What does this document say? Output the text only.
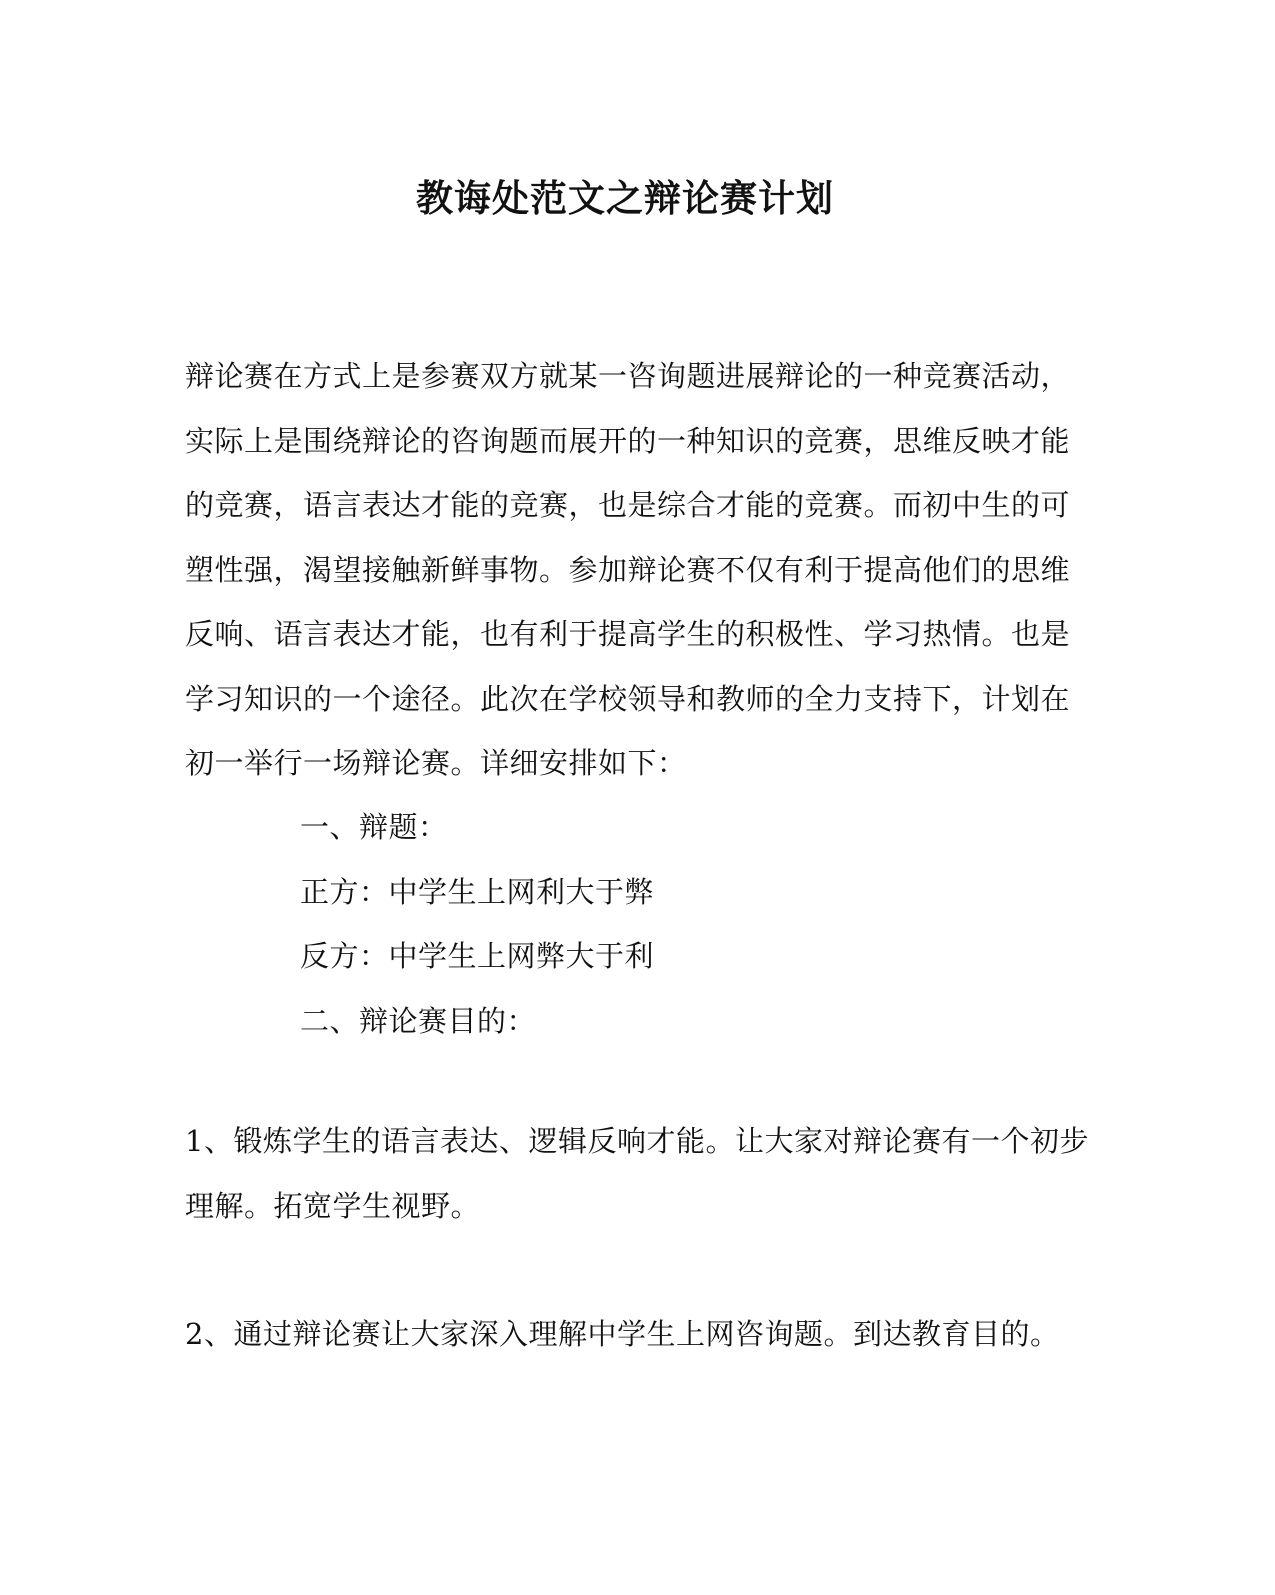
教诲处范文之辩论赛计划
辩论赛在方式上是参赛双方就某一咨询题进展辩论的一种竞赛活动，
实际上是围绕辩论的咨询题而展开的一种知识的竞赛，思维反映才能
的竞赛，语言表达才能的竞赛，也是综合才能的竞赛。而初中生的可
塑性强，渴望接触新鲜事物。参加辩论赛不仅有利于提高他们的思维
反响、语言表达才能，也有利于提高学生的积极性、学习热情。也是
学习知识的一个途径。此次在学校领导和教师的全力支持下，计划在
初一举行一场辩论赛。详细安排如下：
一、辩题：
正方：中学生上网利大于弊
反方：中学生上网弊大于利
二、辩论赛目的：
1、锻炼学生的语言表达、逻辑反响才能。让大家对辩论赛有一个初步
理解。拓宽学生视野。
2、通过辩论赛让大家深入理解中学生上网咨询题。到达教育目的。
